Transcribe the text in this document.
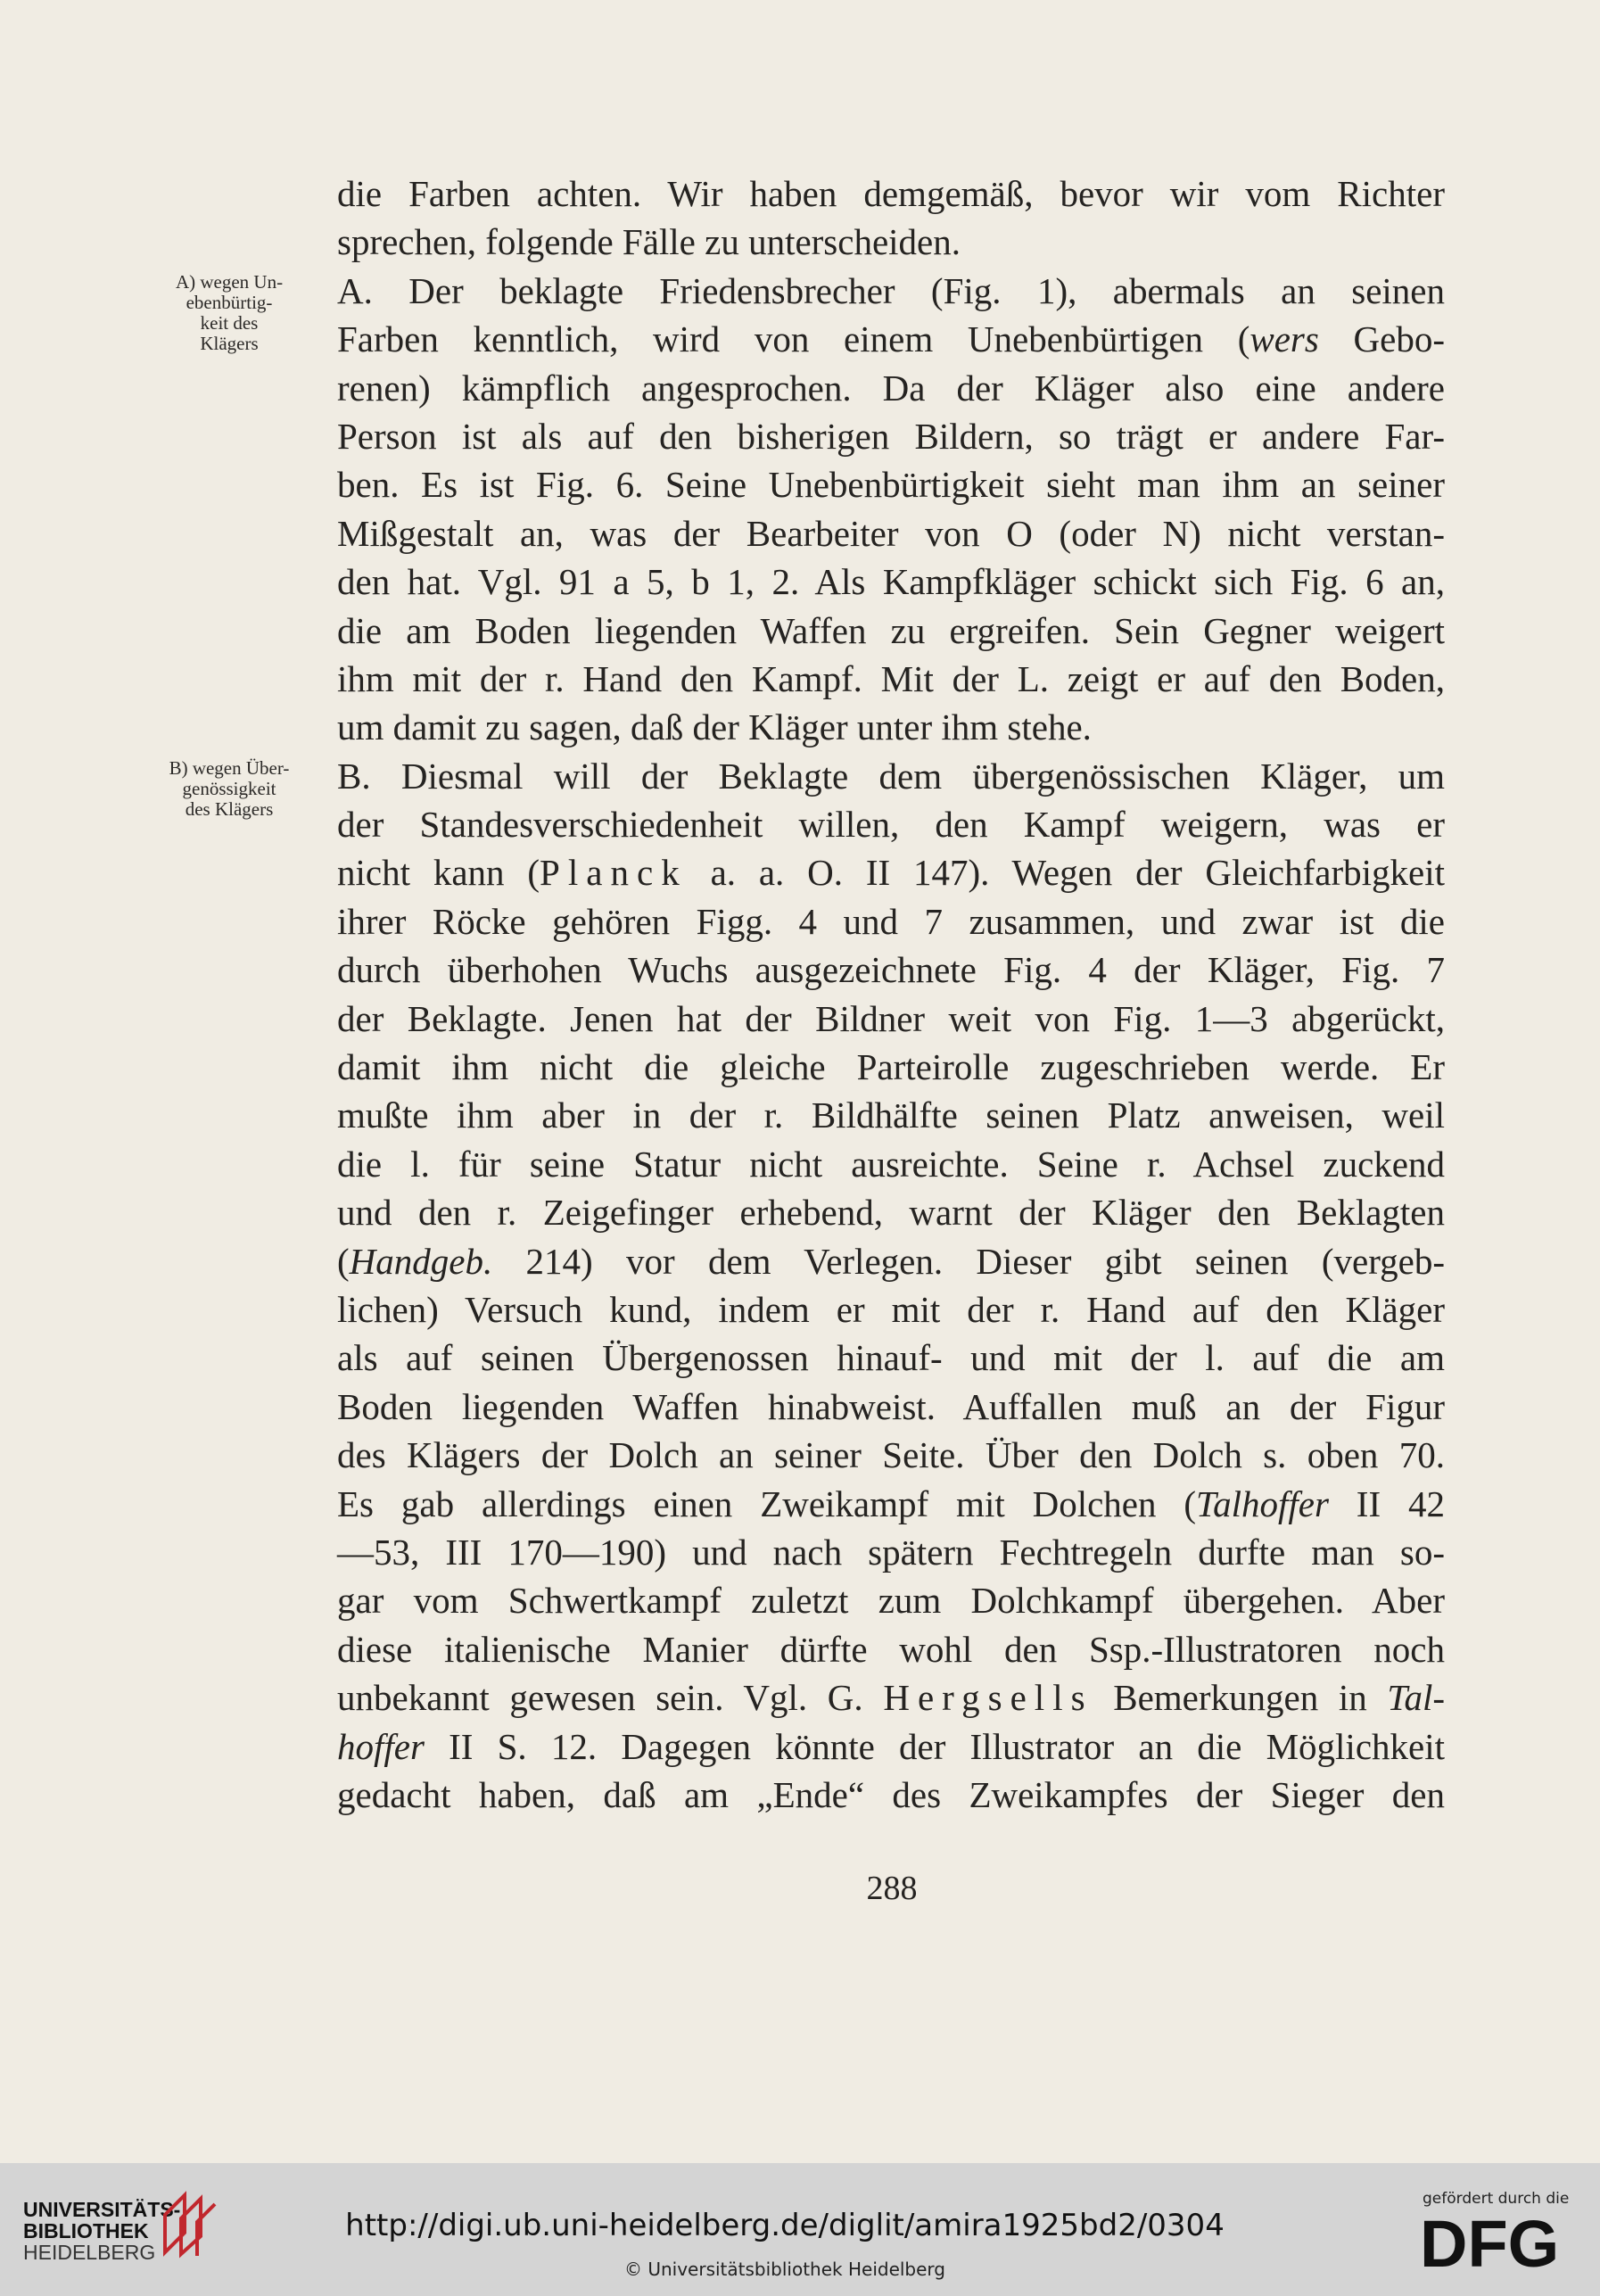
A) wegen Un-
ebenbürtig-
keit des
Klägers
B) wegen Über-
genössigkeit
des Klägers
die Farben achten. Wir haben demgemäß, bevor wir vom Richter
sprechen, folgende Fälle zu unterscheiden.
A. Der beklagte Friedensbrecher (Fig. 1), abermals an seinen
Farben kenntlich, wird von einem Unebenbürtigen (wers Gebo-
renen) kämpflich angesprochen. Da der Kläger also eine andere
Person ist als auf den bisherigen Bildern, so trägt er andere Far-
ben. Es ist Fig. 6. Seine Unebenbürtigkeit sieht man ihm an seiner
Mißgestalt an, was der Bearbeiter von O (oder N) nicht verstan-
den hat. Vgl. 91 a 5, b 1, 2. Als Kampfkläger schickt sich Fig. 6 an,
die am Boden liegenden Waffen zu ergreifen. Sein Gegner weigert
ihm mit der r. Hand den Kampf. Mit der L. zeigt er auf den Boden,
um damit zu sagen, daß der Kläger unter ihm stehe.
B. Diesmal will der Beklagte dem übergenössischen Kläger, um
der Standesverschiedenheit willen, den Kampf weigern, was er
nicht kann (Planck a. a. O. II 147). Wegen der Gleichfarbigkeit
ihrer Röcke gehören Figg. 4 und 7 zusammen, und zwar ist die
durch überhohen Wuchs ausgezeichnete Fig. 4 der Kläger, Fig. 7
der Beklagte. Jenen hat der Bildner weit von Fig. 1—3 abgerückt,
damit ihm nicht die gleiche Parteirolle zugeschrieben werde. Er
mußte ihm aber in der r. Bildhälfte seinen Platz anweisen, weil
die l. für seine Statur nicht ausreichte. Seine r. Achsel zuckend
und den r. Zeigefinger erhebend, warnt der Kläger den Beklagten
(Handgeb. 214) vor dem Verlegen. Dieser gibt seinen (vergeb-
lichen) Versuch kund, indem er mit der r. Hand auf den Kläger
als auf seinen Übergenossen hinauf- und mit der l. auf die am
Boden liegenden Waffen hinabweist. Auffallen muß an der Figur
des Klägers der Dolch an seiner Seite. Über den Dolch s. oben 70.
Es gab allerdings einen Zweikampf mit Dolchen (Talhoffer II 42
—53, III 170—190) und nach spätern Fechtregeln durfte man so-
gar vom Schwertkampf zuletzt zum Dolchkampf übergehen. Aber
diese italienische Manier dürfte wohl den Ssp.-Illustratoren noch
unbekannt gewesen sein. Vgl. G. Hergsells Bemerkungen in Tal-
hoffer II S. 12. Dagegen könnte der Illustrator an die Möglichkeit
gedacht haben, daß am „Ende“ des Zweikampfes der Sieger den
288
UNIVERSITÄTS-
BIBLIOTHEK
HEIDELBERG
http://digi.ub.uni-heidelberg.de/diglit/amira1925bd2/0304
© Universitätsbibliothek Heidelberg
gefördert durch die
DFG
